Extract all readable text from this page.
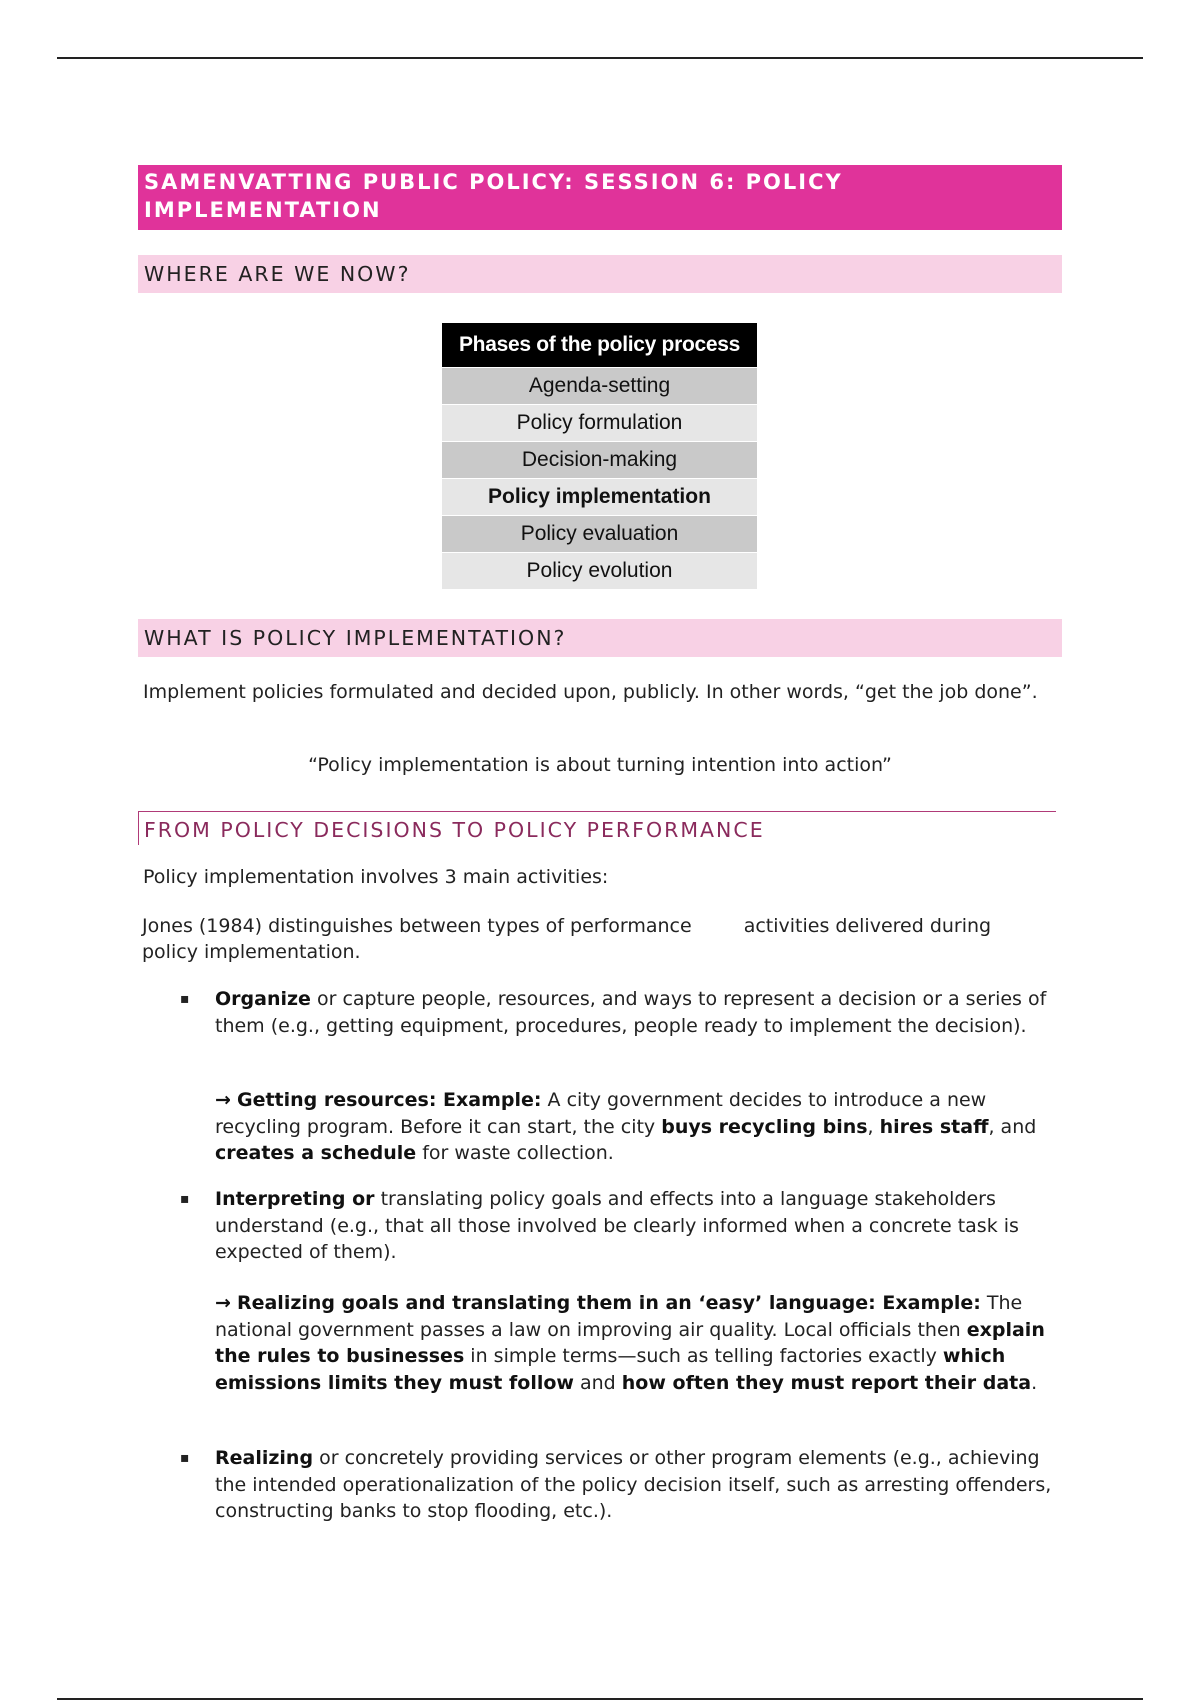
SAMENVATTING PUBLIC POLICY: SESSION 6: POLICY IMPLEMENTATION
WHERE ARE WE NOW?
Phases of the policy process
Agenda-setting
Policy formulation
Decision-making
Policy implementation
Policy evaluation
Policy evolution
WHAT IS POLICY IMPLEMENTATION?
Implement policies formulated and decided upon, publicly. In other words, “get the job done”.
“Policy implementation is about turning intention into action”
FROM POLICY DECISIONS TO POLICY PERFORMANCE
Policy implementation involves 3 main activities:
Jones (1984) distinguishes between types of performance	activities delivered during
policy implementation.
▪ Organize or capture people, resources, and ways to represent a decision or a series of them (e.g., getting equipment, procedures, people ready to implement the decision).
→ Getting resources: Example: A city government decides to introduce a new recycling program. Before it can start, the city buys recycling bins, hires staff, and creates a schedule for waste collection.
▪ Interpreting or translating policy goals and effects into a language stakeholders understand (e.g., that all those involved be clearly informed when a concrete task is expected of them).
→ Realizing goals and translating them in an ‘easy’ language: Example: The national government passes a law on improving air quality. Local officials then explain the rules to businesses in simple terms—such as telling factories exactly which emissions limits they must follow and how often they must report their data.
▪ Realizing or concretely providing services or other program elements (e.g., achieving the intended operationalization of the policy decision itself, such as arresting offenders, constructing banks to stop flooding, etc.).
